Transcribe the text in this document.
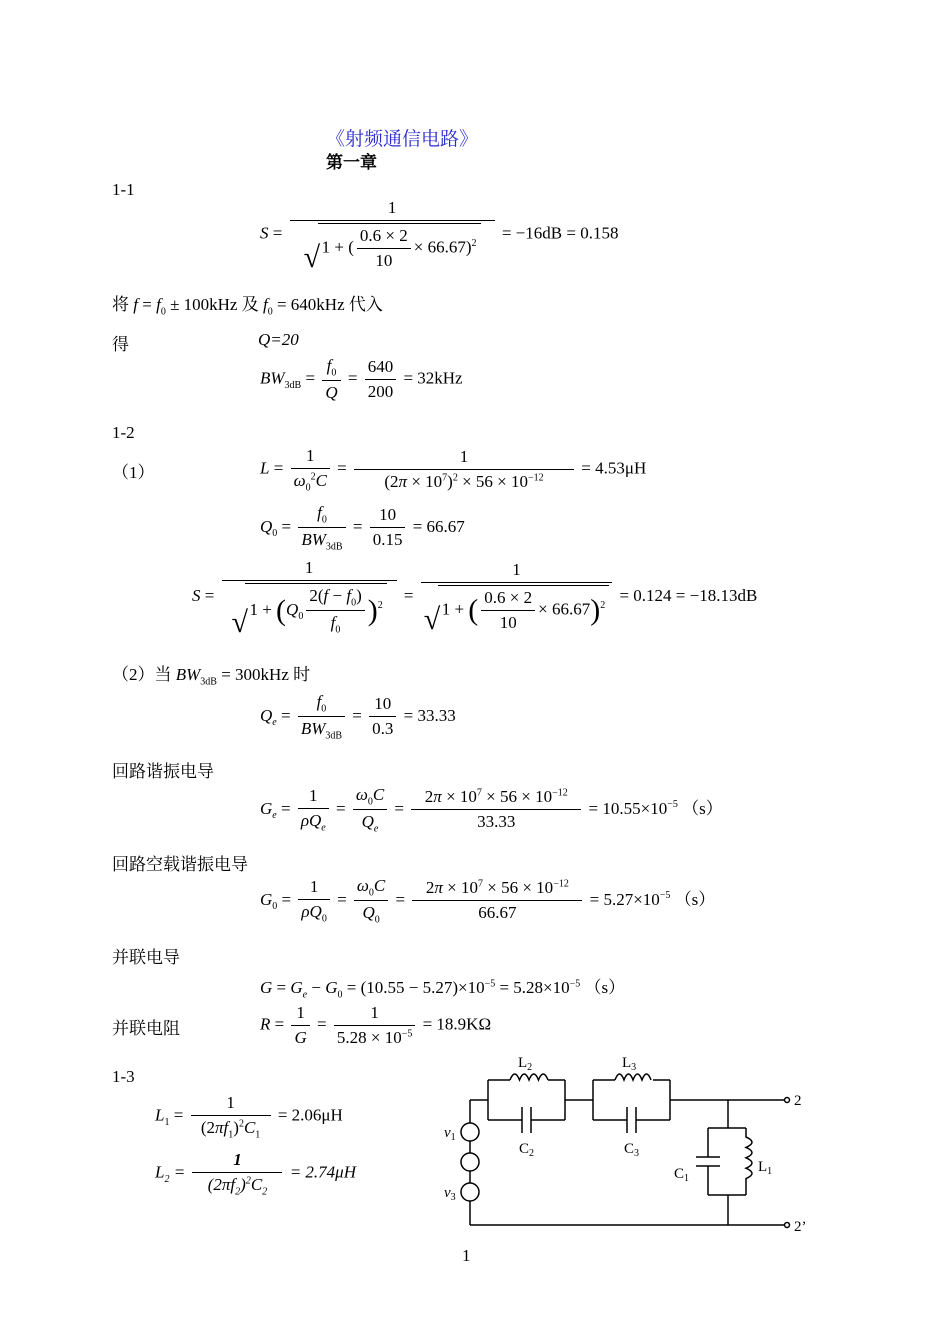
《射频通信电路》
第一章
1-1
$S = \frac{1}{√ 1 + ( \frac{0.6 \times 2}{10} \times 66.67)^2} = -16dB = 0.158$
将 $f = f_0 \pm 100kHz$ 及 $f_0 = 640kHz$ 代入
得	Q=20
$BW_{3dB} = \frac{f_0}{Q} = \frac{640}{200} = 32kHz$
1-2
（1）	$L = \frac{1}{\omega_0^2C} = \frac{1}{(2\pi \times 10^7)^2 \times 56 \times 10^{-12}} = 4.53\mu H$
$Q_0 = \frac{f_0}{BW_{3dB}} = \frac{10}{0.15} = 66.67$
$S = \frac{1}{√ 1 + (Q_0 \frac{2(f - f_0)}{f_0} )^2} = \frac{1}{√ 1 + ( \frac{0.6 \times 2}{10} \times 66.67)^2} = 0.124 = -18.13dB$
（2）当 $BW_{3dB} = 300kHz$ 时
$Q_e = \frac{f_0}{BW_{3dB}} = \frac{10}{0.3} = 33.33$
回路谐振电导
$G_e = \frac{1}{\rho Q_e} = \frac{\omega_0C}{Q_e} = \frac{2\pi \times 10^7 \times 56 \times 10^{-12}}{33.33} = 10.55\times 10^{-5}$ （s）
回路空载谐振电导
$G_0 = \frac{1}{\rho Q_0} = \frac{\omega_0C}{Q_0} = \frac{2\pi \times 10^7 \times 56 \times 10^{-12}}{66.67} = 5.27\times 10^{-5}$ （s）
并联电导
$G = G_e - G_0 = (10.55 - 5.27)\times 10^{-5} = 5.28\times 10^{-5}$ （s）
并联电阻	$R = \frac{1}{G} = \frac{1}{5.28 \times 10^{-5}} = 18.9K\Omega$
1-3
$L_1 = \frac{1}{(2\pi f_1)^2C_1} = 2.06\mu H$
$L_2 = \frac{1}{(2\pi f_2)^2C_2} = 2.74\mu H$
$L_2$	$L_3$
$C_2$	$C_3$
$C_1$
$L_1$
$v_1$
$v_3$
2
2’
1
